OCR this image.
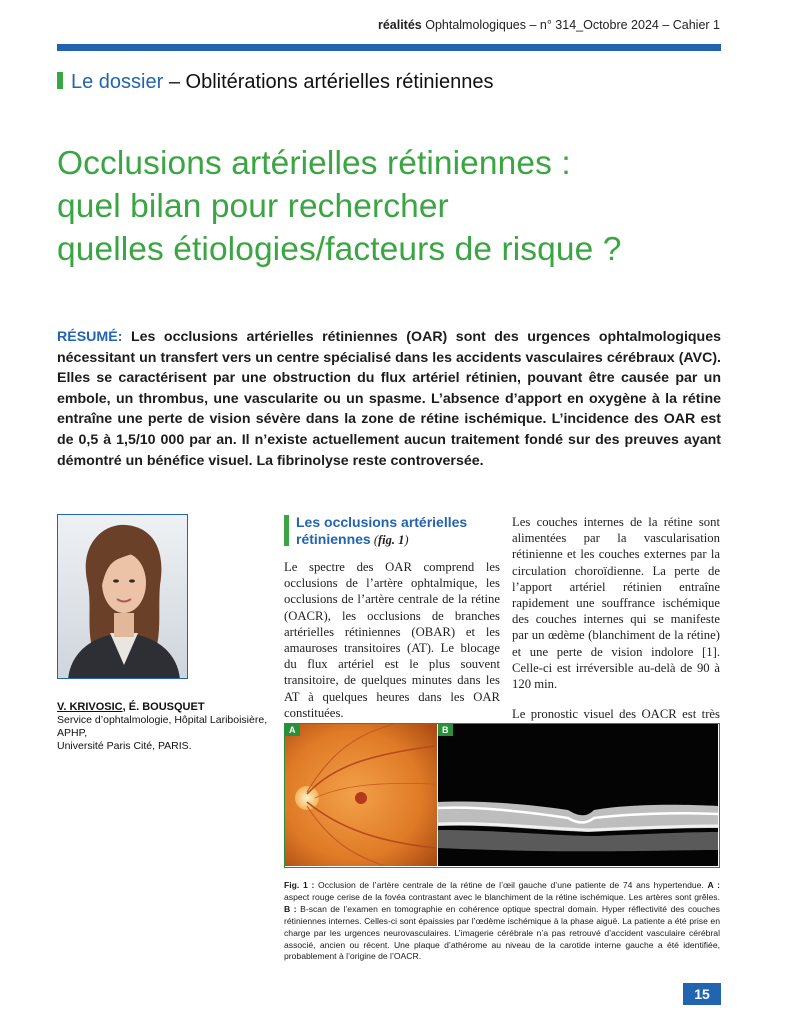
réalités Ophtalmologiques – n° 314_Octobre 2024 – Cahier 1
Le dossier – Oblitérations artérielles rétiniennes
Occlusions artérielles rétiniennes :
quel bilan pour rechercher
quelles étiologies/facteurs de risque ?
RÉSUMÉ: Les occlusions artérielles rétiniennes (OAR) sont des urgences ophtalmologiques nécessitant un transfert vers un centre spécialisé dans les accidents vasculaires cérébraux (AVC). Elles se caractérisent par une obstruction du flux artériel rétinien, pouvant être causée par un embole, un thrombus, une vascularite ou un spasme. L’absence d’apport en oxygène à la rétine entraîne une perte de vision sévère dans la zone de rétine ischémique. L’incidence des OAR est de 0,5 à 1,5/10 000 par an. Il n’existe actuellement aucun traitement fondé sur des preuves ayant démontré un bénéfice visuel. La fibrinolyse reste controversée.
V. KRIVOSIC, É. BOUSQUET
Service d’ophtalmologie, Hôpital Lariboisière, APHP,
Université Paris Cité, PARIS.
Les occlusions artérielles
rétiniennes (fig. 1)

Le spectre des OAR comprend les occlusions de l’artère ophtalmique, les occlusions de l’artère centrale de la rétine (OACR), les occlusions de branches artérielles rétiniennes (OBAR) et les amauroses transitoires (AT). Le blocage du flux artériel est le plus souvent transitoire, de quelques minutes dans les AT à quelques heures dans les OAR constituées.

Les couches internes de la rétine sont alimentées par la vascularisation rétinienne et les couches externes par la circulation choroïdienne. La perte de l’apport artériel rétinien entraîne rapidement une souffrance ischémique des couches internes qui se manifeste par un œdème (blanchiment de la rétine) et une perte de vision indolore [1]. Celle-ci est irréversible au-delà de 90 à 120 min.

Le pronostic visuel des OACR est très

A	B
Fig. 1 : Occlusion de l’artère centrale de la rétine de l’œil gauche d’une patiente de 74 ans hypertendue. A : aspect rouge cerise de la fovéa contrastant avec le blanchiment de la rétine ischémique. Les artères sont grêles. B : B-scan de l’examen en tomographie en cohérence optique spectral domain. Hyper réflectivité des couches rétiniennes internes. Celles-ci sont épaissies par l’œdème ischémique à la phase aiguë. La patiente a été prise en charge par les urgences neurovasculaires. L’imagerie cérébrale n’a pas retrouvé d’accident vasculaire cérébral associé, ancien ou récent. Une plaque d’athérome au niveau de la carotide interne gauche a été identifiée, probablement à l’origine de l’OACR.
15
